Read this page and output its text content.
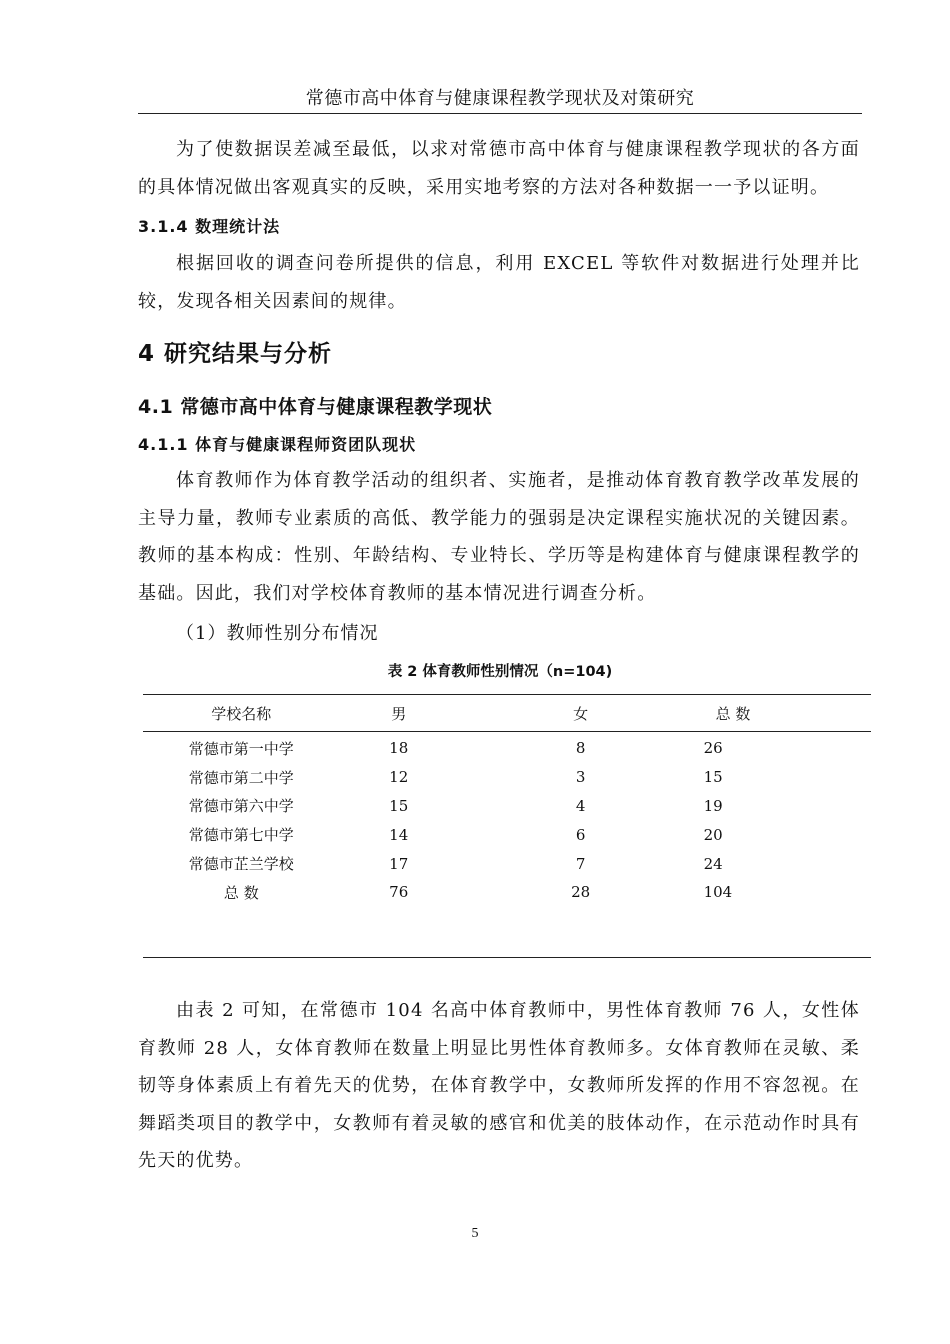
常德市高中体育与健康课程教学现状及对策研究

为了使数据误差减至最低，以求对常德市高中体育与健康课程教学现状的各方面的具体情况做出客观真实的反映，采用实地考察的方法对各种数据一一予以证明。

3.1.4 数理统计法

根据回收的调查问卷所提供的信息，利用 EXCEL 等软件对数据进行处理并比较，发现各相关因素间的规律。

4 研究结果与分析
4.1 常德市高中体育与健康课程教学现状
4.1.1 体育与健康课程师资团队现状

体育教师作为体育教学活动的组织者、实施者，是推动体育教育教学改革发展的主导力量，教师专业素质的高低、教学能力的强弱是决定课程实施状况的关键因素。教师的基本构成：性别、年龄结构、专业特长、学历等是构建体育与健康课程教学的基础。因此，我们对学校体育教师的基本情况进行调查分析。

（1）教师性别分布情况

表 2 体育教师性别情况（n=104)

学校名称	男	女	总 数
常德市第一中学	18	8	26
常德市第二中学	12	3	15
常德市第六中学	15	4	19
常德市第七中学	14	6	20
常德市芷兰学校	17	7	24
总 数	76	28	104

由表 2 可知，在常德市 104 名高中体育教师中，男性体育教师 76 人，女性体育教师 28 人，女体育教师在数量上明显比男性体育教师多。女体育教师在灵敏、柔韧等身体素质上有着先天的优势，在体育教学中，女教师所发挥的作用不容忽视。在舞蹈类项目的教学中，女教师有着灵敏的感官和优美的肢体动作，在示范动作时具有先天的优势。

5
